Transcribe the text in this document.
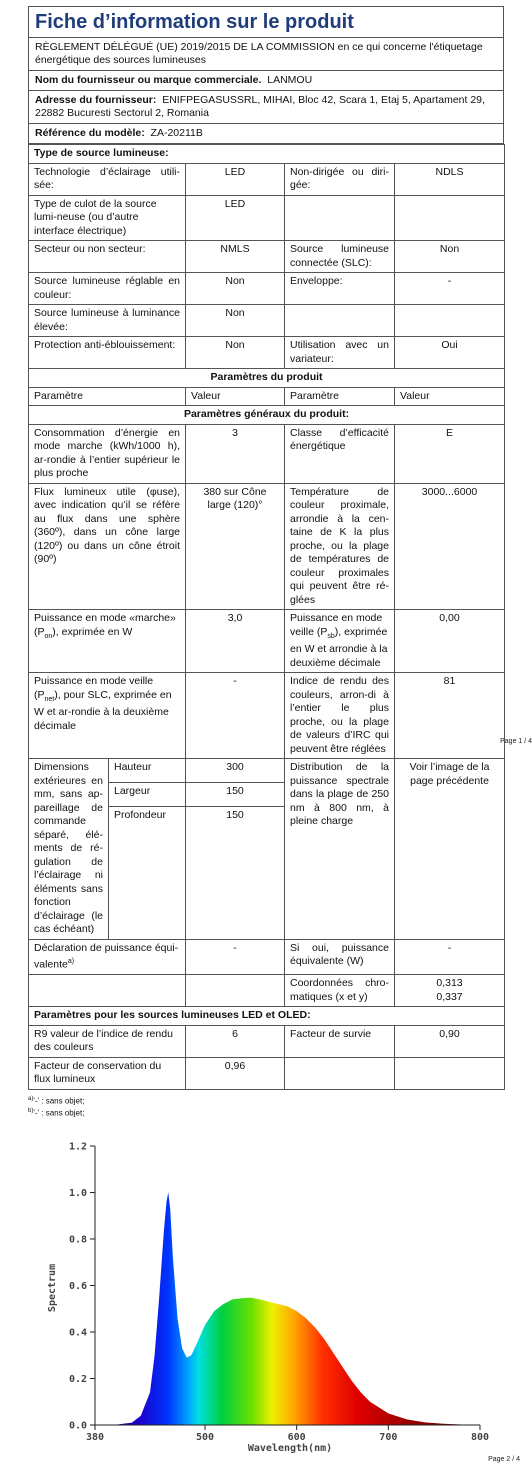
Fiche d’information sur le produit
RÈGLEMENT DÉLÉGUÉ (UE) 2019/2015 DE LA COMMISSION en ce qui concerne l'étiquetage énergétique des sources lumineuses
Nom du fournisseur ou marque commerciale. LANMOU
Adresse du fournisseur: ENIFPEGASUSSRL, MIHAI, Bloc 42, Scara 1, Etaj 5, Apartament 29, 22882 Bucuresti Sectorul 2, Romania
Référence du modèle: ZA-20211B
Type de source lumineuse:				
Technologie d’éclairage utili-sée:		LED	Non-dirigée ou diri-gée:	NDLS
Type de culot de la source lumi-neuse (ou d’autre interface électrique)		LED		
Secteur ou non secteur:		NMLS	Source lumineuse connectée (SLC):	Non
Source lumineuse réglable en couleur:		Non	Enveloppe:	-
Source lumineuse à luminance élevée:		Non		
Protection anti-éblouissement:		Non	Utilisation avec un variateur:	Oui
Paramètres du produit				
Paramètre		Valeur	Paramètre	Valeur
Paramètres généraux du produit:				
Consommation d’énergie en mode marche (kWh/1000 h), ar-rondie à l’entier supérieur le plus proche		3	Classe d’efficacité énergétique	E
Flux lumineux utile (φuse), avec indication qu’il se réfère au flux dans une sphère (360º), dans un cône large (120º) ou dans un cône étroit (90º)		380 sur Cône large (120)°	Température de couleur proximale, arrondie à la cen-taine de K la plus proche, ou la plage de températures de couleur proximales qui peuvent être ré-glées	3000...6000
Puissance en mode «marche» $(P_{on})$, exprimée en W		3,0	Puissance en mode veille $(P_{sb})$, exprimée en W et arrondie à la deuxième décimale	0,00
Puissance en mode veille $(P_{net})$, pour SLC, exprimée en W et ar-rondie à la deuxième décimale		-	Indice de rendu des couleurs, arron-di à l’entier le plus proche, ou la plage de valeurs d’IRC qui peuvent être réglées	81
Page 1 / 4

Dimensions extérieures en mm, sans ap-pareillage de commande séparé, élé-ments de ré-gulation de l’éclairage ni éléments sans fonction d’éclairage (le cas échéant)	Hauteur	300	Distribution de la puissance spectrale dans la plage de 250 nm à 800 nm, à pleine charge	Voir l’image de la page précédente
	Largeur	150		
	Profondeur	150		

Déclaration de puissance équi-valente$^{a)}$		-	Si oui, puissance équivalente (W)	-
			Coordonnées chro-matiques (x et y)	0,313
0,337

Paramètres pour les sources lumineuses LED et OLED:				
R9 valeur de l’indice de rendu des couleurs		6	Facteur de survie	0,90
Facteur de conservation du flux lumineux		0,96		
$^{a)}$'-' : sans objet;
$^{b)}$'-' : sans objet;
0.0
0.2
0.4
0.6
0.8
1.0
1.2
380	500	600	700	800
Spectrum
Wavelength(nm)
Page 2 / 4
